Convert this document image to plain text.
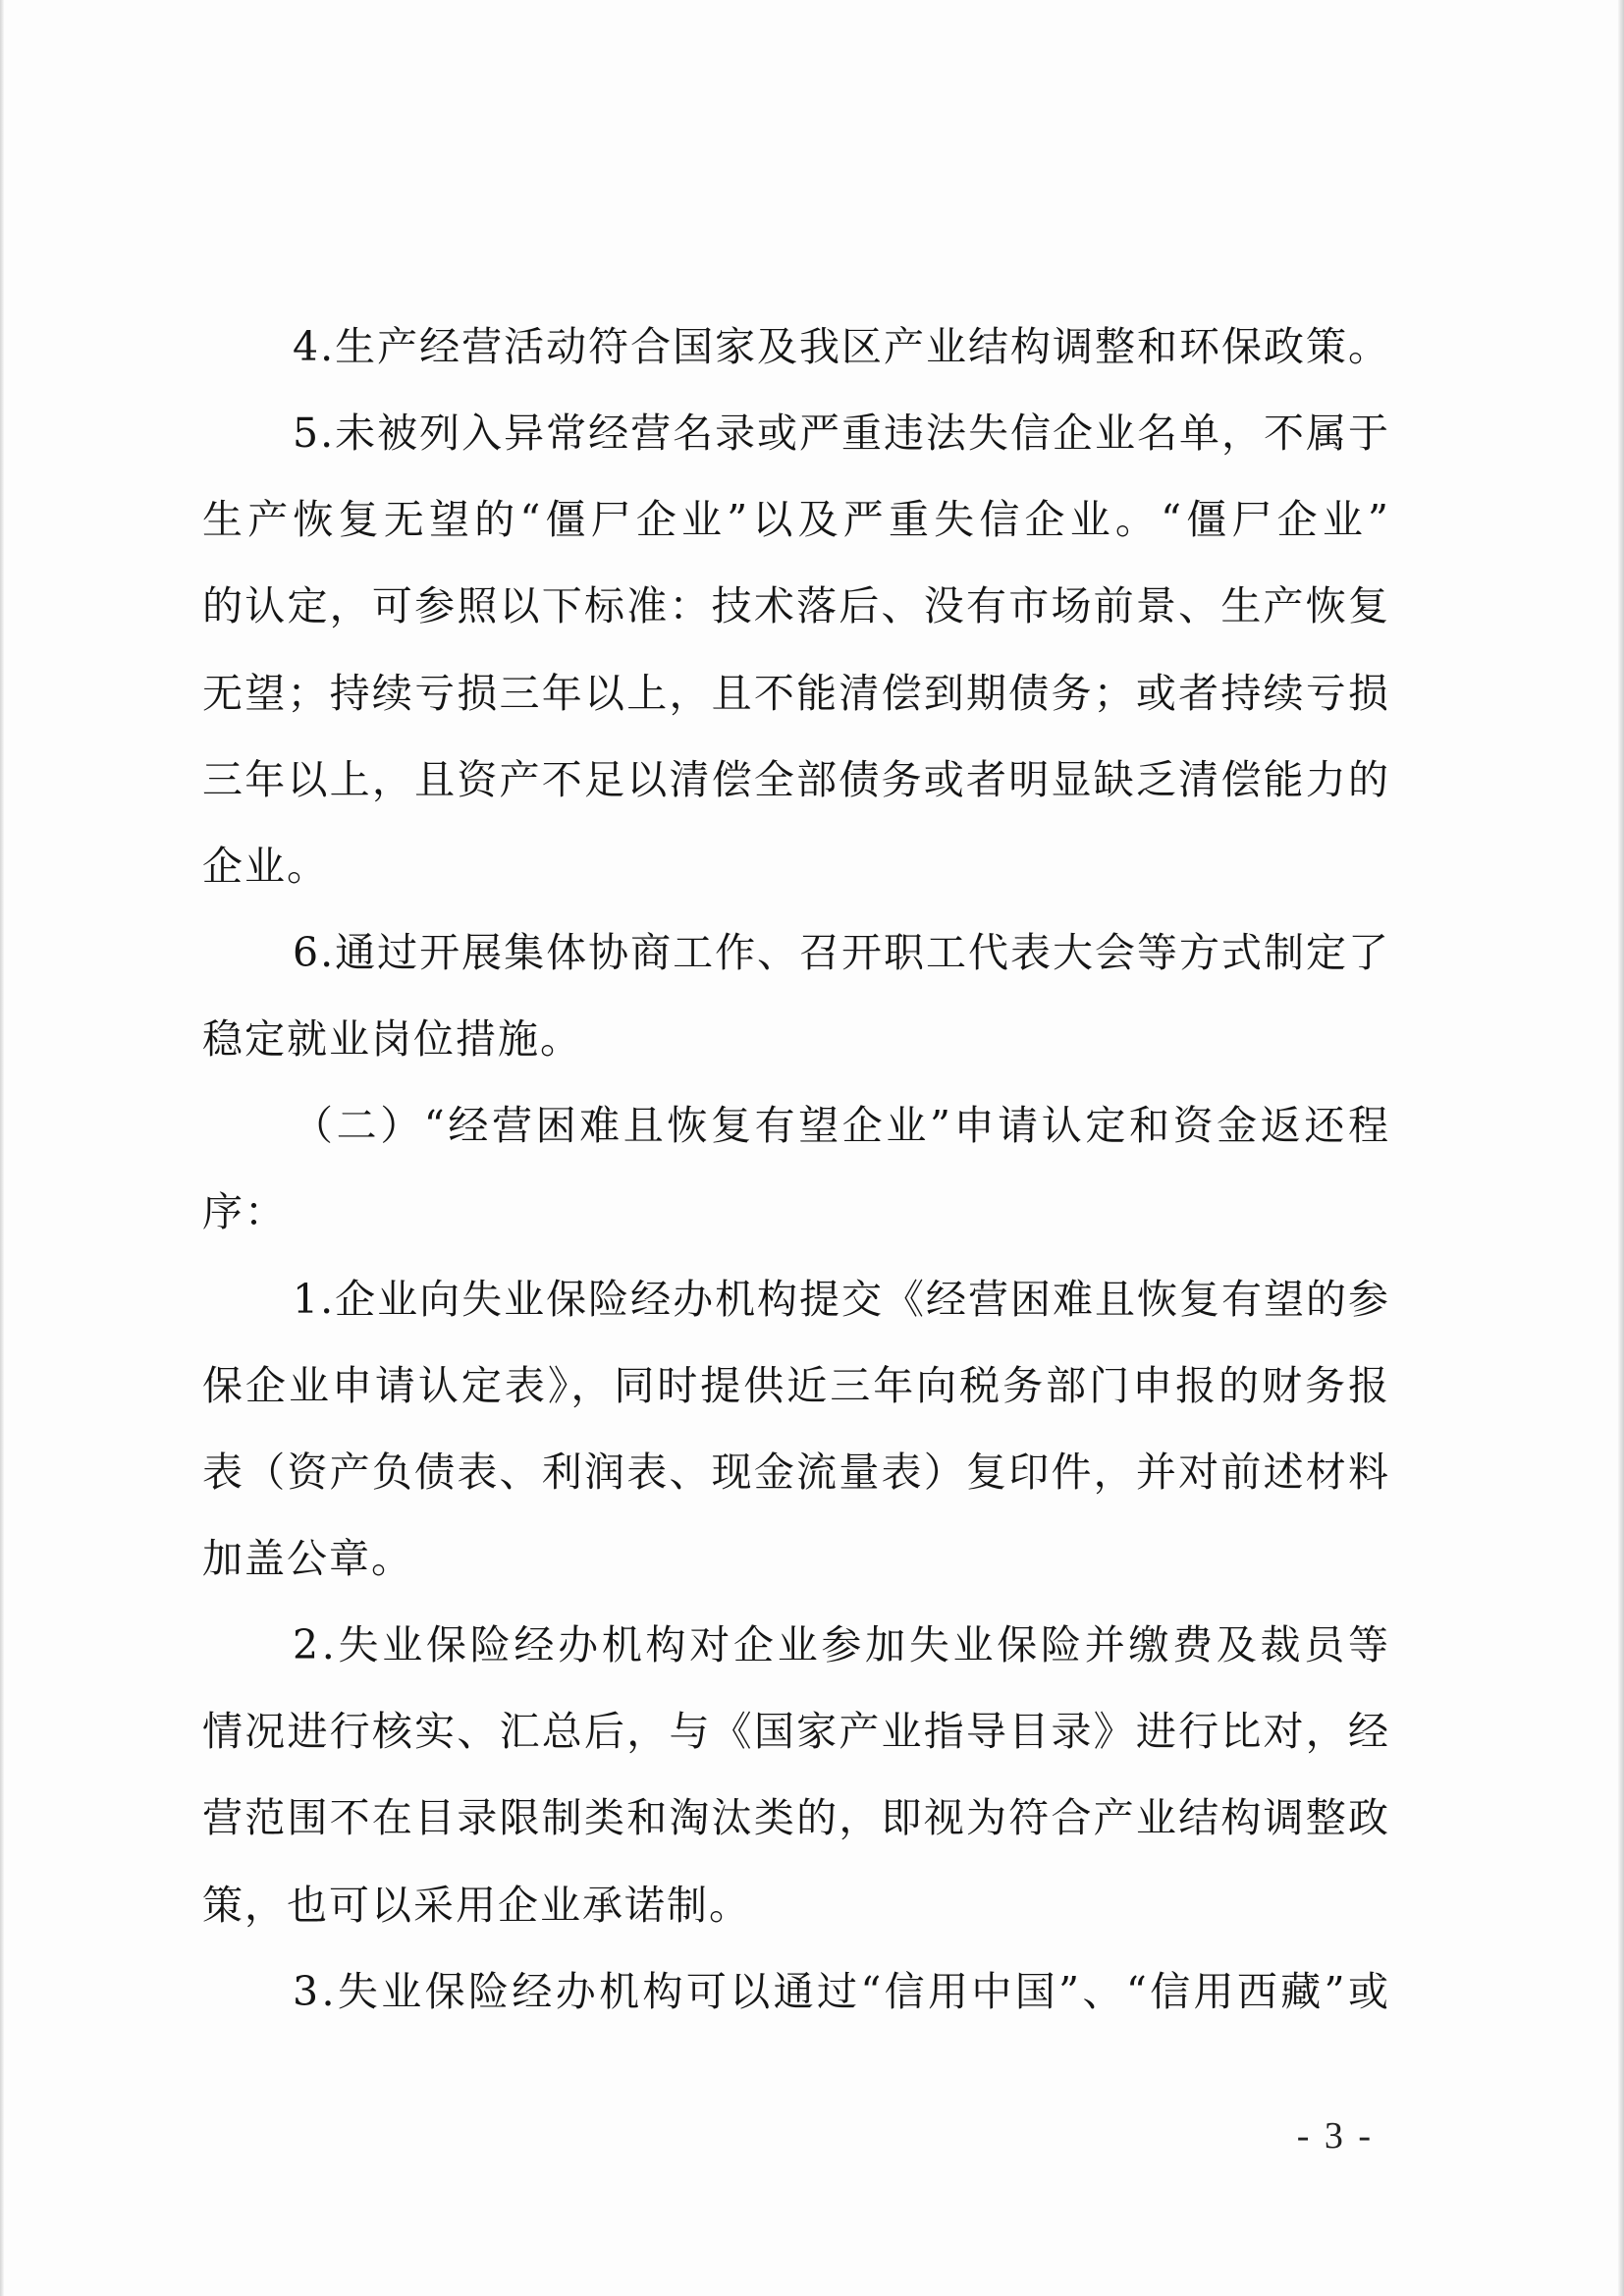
4.生产经营活动符合国家及我区产业结构调整和环保政策。
5.未被列入异常经营名录或严重违法失信企业名单，不属于
生产恢复无望的“僵尸企业”以及严重失信企业。“僵尸企业”
的认定，可参照以下标准：技术落后、没有市场前景、生产恢复
无望；持续亏损三年以上，且不能清偿到期债务；或者持续亏损
三年以上，且资产不足以清偿全部债务或者明显缺乏清偿能力的
企业。
6.通过开展集体协商工作、召开职工代表大会等方式制定了
稳定就业岗位措施。
（二）“经营困难且恢复有望企业”申请认定和资金返还程
序：
1.企业向失业保险经办机构提交《经营困难且恢复有望的参
保企业申请认定表》，同时提供近三年向税务部门申报的财务报
表（资产负债表、利润表、现金流量表）复印件，并对前述材料
加盖公章。
2.失业保险经办机构对企业参加失业保险并缴费及裁员等
情况进行核实、汇总后，与《国家产业指导目录》进行比对，经
营范围不在目录限制类和淘汰类的，即视为符合产业结构调整政
策，也可以采用企业承诺制。
3.失业保险经办机构可以通过“信用中国”、“信用西藏”或
- 3 -
